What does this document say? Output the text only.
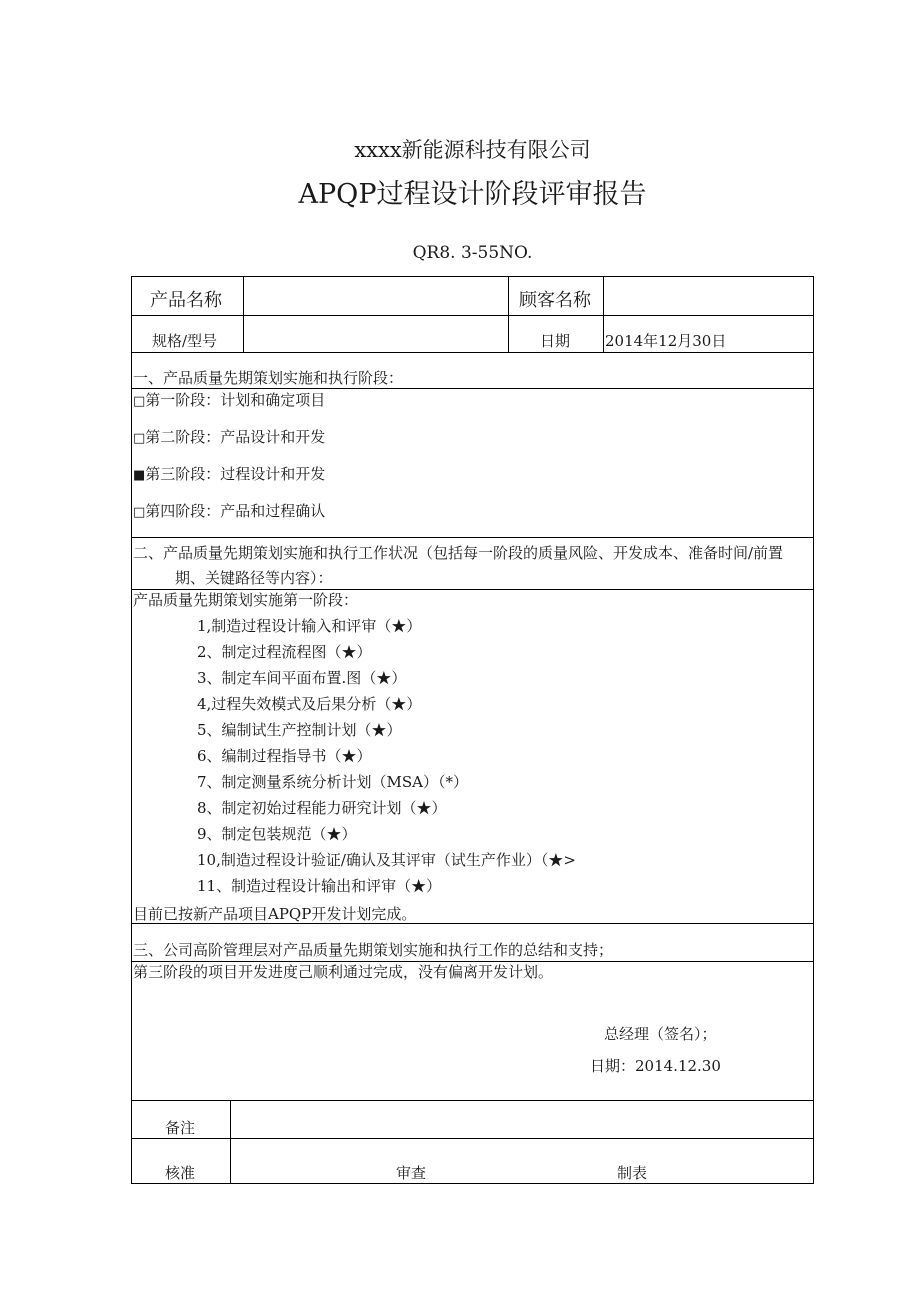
xxxx新能源科技有限公司
APQP过程设计阶段评审报告
QR8. 3-55NO.
产品名称	顾客名称
规格/型号	日期 2014年12月30日
一、产品质量先期策划实施和执行阶段：
□第一阶段：计划和确定项目
□第二阶段：产品设计和开发
■第三阶段：过程设计和开发
□第四阶段：产品和过程确认
二、产品质量先期策划实施和执行工作状况（包括每一阶段的质量风险、开发成本、准备时间/前置
期、关键路径等内容）：
产品质量先期策划实施第一阶段：
1,制造过程设计输入和评审（★）
2、制定过程流程图（★）
3、制定车间平面布置.图（★）
4,过程失效模式及后果分析（★）
5、编制试生产控制计划（★）
6、编制过程指导书（★）
7、制定测量系统分析计划（MSA）（*）
8、制定初始过程能力研究计划（★）
9、制定包装规范（★）
10,制造过程设计验证/确认及其评审（试生产作业）（★>
11、制造过程设计输出和评审（★）
目前已按新产品项目APQP开发计划完成。
三、公司高阶管理层对产品质量先期策划实施和执行工作的总结和支持；
第三阶段的项目开发进度己顺利通过完成，没有偏离开发计划。
总经理（签名）；
日期：2014.12.30
备注
核准	审查	制表
